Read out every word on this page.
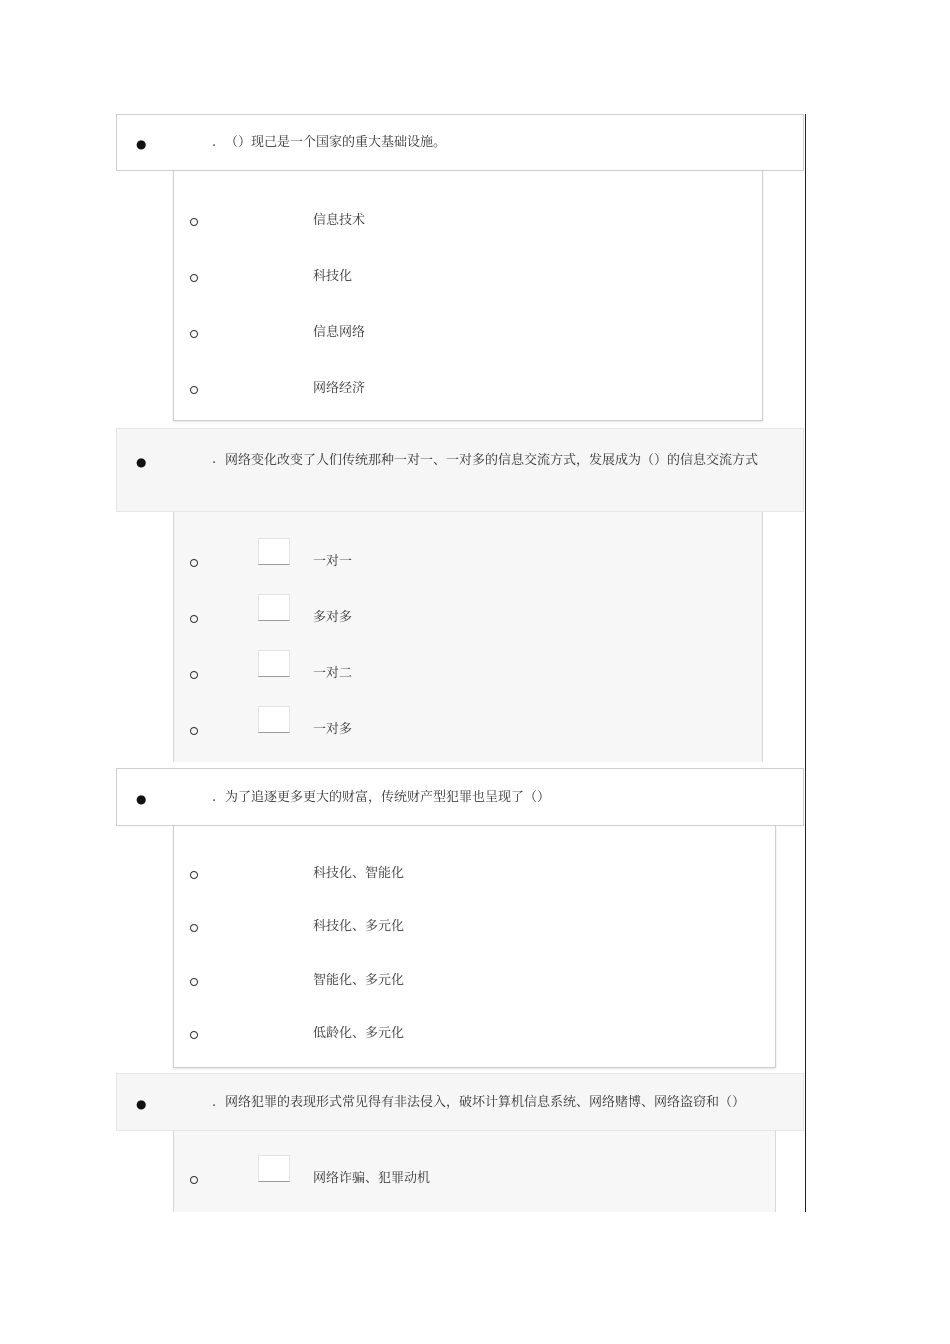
●	. （）现己是一个国家的重大基础设施。
信息技术
科技化
信息网络
网络经济
●	. 网络变化改变了人们传统那种一对一、一对多的信息交流方式，发展成为（）的信息交流方式
一对一
多对多
一对二
一对多
●	. 为了追逐更多更大的财富，传统财产型犯罪也呈现了（）
科技化、智能化
科技化、多元化
智能化、多元化
低龄化、多元化
●	. 网络犯罪的表现形式常见得有非法侵入，破坏计算机信息系统、网络赌博、网络盗窃和（）
网络诈骗、犯罪动机
